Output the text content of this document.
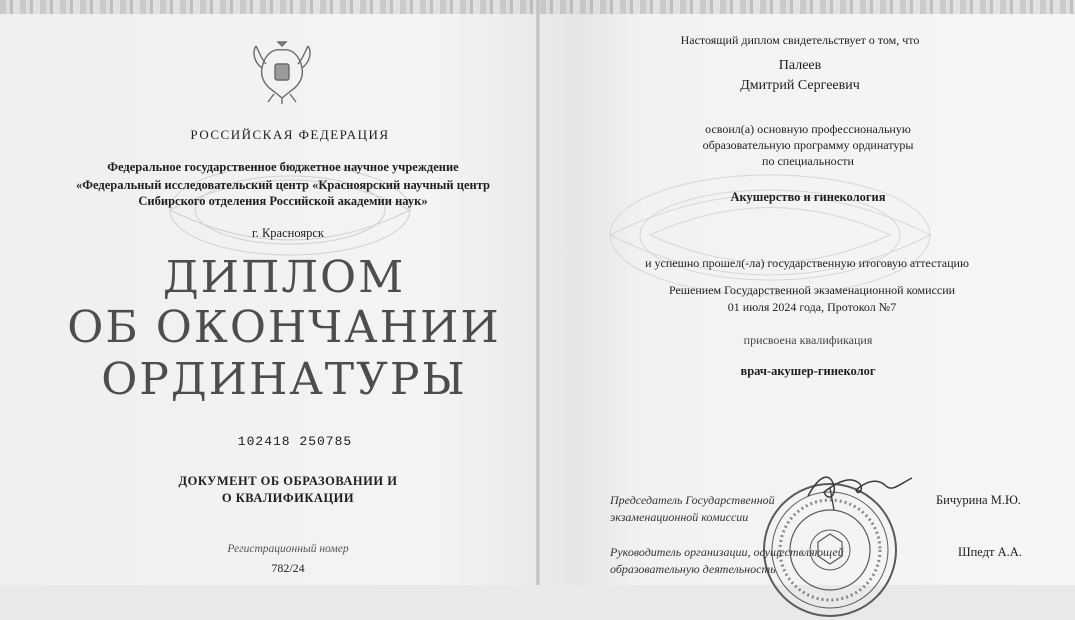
РОССИЙСКАЯ ФЕДЕРАЦИЯ
Федеральное государственное бюджетное научное учреждение
«Федеральный исследовательский центр «Красноярский научный центр
Сибирского отделения Российской академии наук»
г. Красноярск
ДИПЛОМ
ОБ ОКОНЧАНИИ
ОРДИНАТУРЫ
102418 250785
ДОКУМЕНТ ОБ ОБРАЗОВАНИИ И
О КВАЛИФИКАЦИИ
Регистрационный номер
782/24
Настоящий диплом свидетельствует о том, что
Палеев
Дмитрий Сергеевич
освоил(а) основную профессиональную
образовательную программу ординатуры
по специальности
Акушерство и гинекология
и успешно прошел(-ла) государственную итоговую аттестацию
Решением Государственной экзаменационной комиссии
01 июля 2024 года, Протокол №7
присвоена квалификация
врач-акушер-гинеколог
Председатель Государственной
экзаменационной комиссии
Бичурина М.Ю.
Руководитель организации, осуществляющей
образовательную деятельность
Шпедт А.А.
